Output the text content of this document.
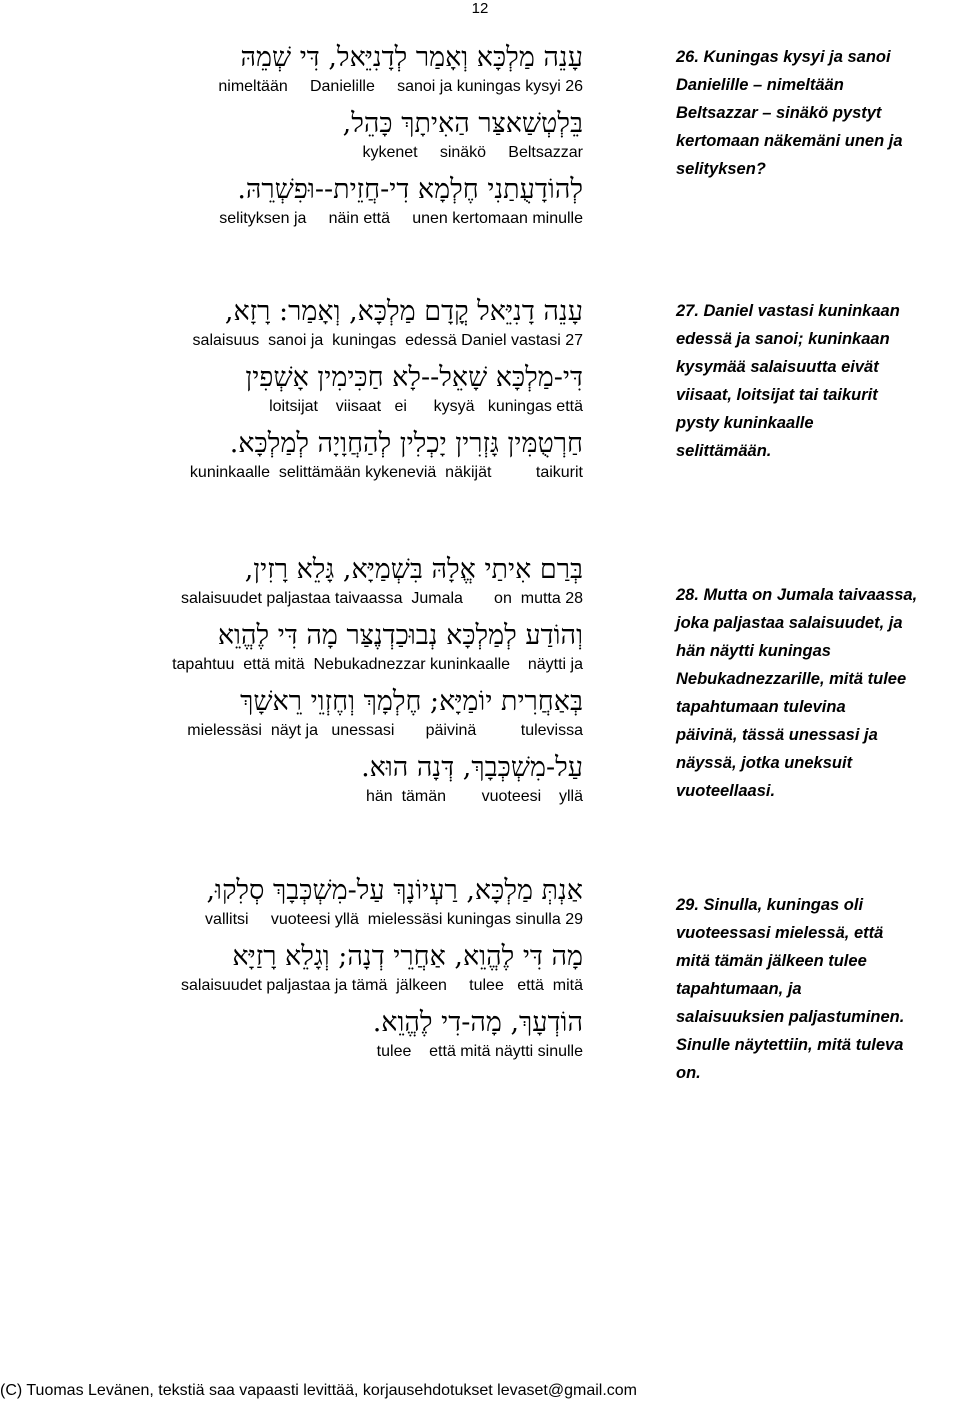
12
עָנֵה מַלְכָּא וְאָמַר לְדָנִיֵּאל, דִּי שְׁמֵהּ
nimeltään     Danielille     sanoi ja kuningas kysyi 26
בֵּלְטְשַׁאצַּר הַאִיתָךְ כָּהֵל,
kykenet     sinäkö     Beltsazzar
לְהוֹדָעֻתַנִי חֶלְמָא דִי-חֲזֵית--וּפִשְׁרֵהּ.
selityksen ja     näin että     unen kertomaan minulle
26. Kuningas kysyi ja sanoi
Danielille – nimeltään
Beltsazzar – sinäkö pystyt
kertomaan näkemäni unen ja
selityksen?
עָנֵה דָנִיֵּאל קֳדָם מַלְכָּא, וְאָמַר: רָזָא,
salaisuus  sanoi ja  kuningas  edessä Daniel vastasi 27
דִּי-מַלְכָּא שָׁאֵל--לָא חַכִּימִין אָשְׁפִין
loitsijat    viisaat   ei      kysyä   kuningas että
חַרְטֻמִּין גָּזְרִין יָכְלִין לְהַחֲוָיָה לְמַלְכָּא.
kuninkaalle  selittämään kykeneviä  näkijät          taikurit
27. Daniel vastasi kuninkaan
edessä ja sanoi; kuninkaan
kysymää salaisuutta eivät
viisaat, loitsijat tai taikurit
pysty kuninkaalle
selittämään.
בְּרַם אִיתַי אֱלָהּ בִּשְׁמַיָּא, גָּלֵא רָזִין,
salaisuudet paljastaa taivaassa  Jumala       on  mutta 28
וְהוֹדַע לְמַלְכָּא נְבוּכַדְנֶצַּר מָה דִּי לֶהֱוֵא
tapahtuu  että mitä  Nebukadnezzar kuninkaalle    näytti ja
בְּאַחֲרִית יוֹמַיָּא; חֶלְמָךְ וְחֶזְוֵי רֵאשָׁךְ
mielessäsi  näyt ja   unessasi       päivinä          tulevissa
עַל-מִשְׁכְּבָךְ, דְּנָה הוּא.
hän  tämän        vuoteesi    yllä
28. Mutta on Jumala taivaassa,
joka paljastaa salaisuudet, ja
hän näytti kuningas
Nebukadnezzarille, mitä tulee
tapahtumaan tulevina
päivinä, tässä unessasi ja
näyssä, jotka uneksuit
vuoteellaasi.
אַנְתְּ מַלְכָּא, רַעְיוֹנָךְ עַל-מִשְׁכְּבָךְ סְלִקוּ,
vallitsi     vuoteesi yllä  mielessäsi kuningas sinulla 29
מָה דִּי לֶהֱוֵא, אַחֲרֵי דְנָה; וְגָלֵא רָזַיָּא
salaisuudet paljastaa ja tämä  jälkeen     tulee   että  mitä
הוֹדְעָךְ, מָה-דִי לֶהֱוֵא.
tulee    että mitä näytti sinulle
29. Sinulla, kuningas oli
vuoteessasi mielessä, että
mitä tämän jälkeen tulee
tapahtumaan, ja
salaisuuksien paljastuminen.
Sinulle näytettiin, mitä tuleva
on.
(C) Tuomas Levänen, tekstiä saa vapaasti levittää, korjausehdotukset levaset@gmail.com
